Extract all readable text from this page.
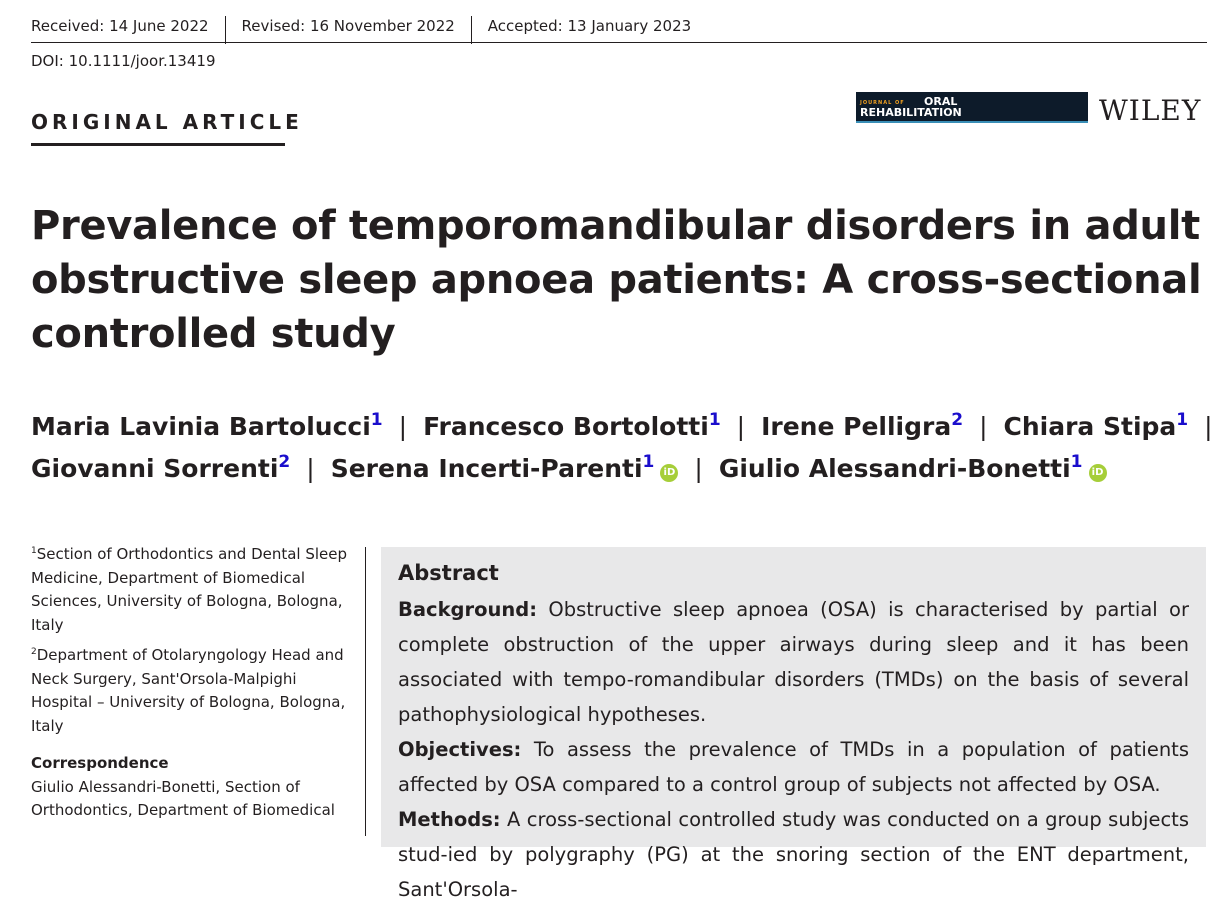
Received: 14 June 2022	Revised: 16 November 2022	Accepted: 13 January 2023
DOI: 10.1111/joor.13419
ORIGINAL ARTICLE
JOURNAL OF ORAL
REHABILITATION	WILEY
Prevalence of temporomandibular disorders in adult obstructive sleep apnoea patients: A cross-sectional controlled study
Maria Lavinia Bartolucci$^1$ | Francesco Bortolotti$^1$ | Irene Pelligra$^2$ | Chiara Stipa$^1$ |
Giovanni Sorrenti$^2$ | Serena Incerti-Parenti$^1$iD | Giulio Alessandri-Bonetti$^1$iD

$^1$Section of Orthodontics and Dental Sleep Medicine, Department of Biomedical Sciences, University of Bologna, Bologna, Italy

$^2$Department of Otolaryngology Head and Neck Surgery, Sant'Orsola-Malpighi Hospital – University of Bologna, Bologna, Italy

Correspondence

Giulio Alessandri-Bonetti, Section of Orthodontics, Department of Biomedical

Abstract

Background: Obstructive sleep apnoea (OSA) is characterised by partial or complete obstruction of the upper airways during sleep and it has been associated with tempo-romandibular disorders (TMDs) on the basis of several pathophysiological hypotheses.

Objectives: To assess the prevalence of TMDs in a population of patients affected by OSA compared to a control group of subjects not affected by OSA.

Methods: A cross-sectional controlled study was conducted on a group subjects stud-ied by polygraphy (PG) at the snoring section of the ENT department, Sant'Orsola-
